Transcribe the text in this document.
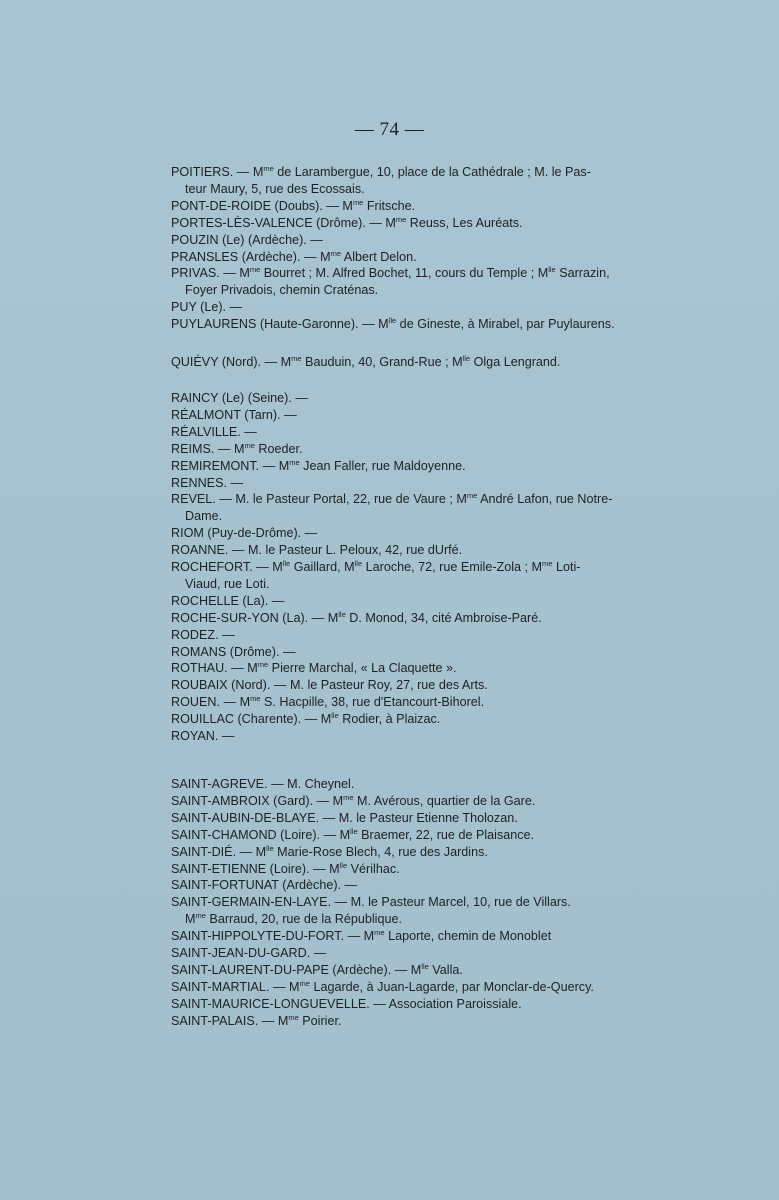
— 74 —

POITIERS. — $M^{me}$ de Larambergue, 10, place de la Cathédrale ; M. le Pas-
teur Maury, 5, rue des Ecossais.

PONT-DE-ROIDE (Doubs). — $M^{me}$ Fritsche.

PORTES-LÈS-VALENCE (Drôme). — $M^{me}$ Reuss, Les Auréats.

POUZIN (Le) (Ardèche). —

PRANSLES (Ardèche). — $M^{me}$ Albert Delon.

PRIVAS. — $M^{me}$ Bourret ; M. Alfred Bochet, 11, cours du Temple ; $M^{lle}$ Sarrazin,
Foyer Privadois, chemin Craténas.

PUY (Le). —

PUYLAURENS (Haute-Garonne). — $M^{lle}$ de Gineste, à Mirabel, par Puylaurens.

QUIÉVY (Nord). — $M^{me}$ Bauduin, 40, Grand-Rue ; $M^{lle}$ Olga Lengrand.

RAINCY (Le) (Seine). —

RÉALMONT (Tarn). —

RÉALVILLE. —

REIMS. — $M^{me}$ Roeder.

REMIREMONT. — $M^{me}$ Jean Faller, rue Maldoyenne.

RENNES. —

REVEL. — M. le Pasteur Portal, 22, rue de Vaure ; $M^{me}$ André Lafon, rue Notre-
Dame.

RIOM (Puy-de-Drôme). —

ROANNE. — M. le Pasteur L. Peloux, 42, rue dUrfé.

ROCHEFORT. — $M^{lle}$ Gaillard, $M^{lle}$ Laroche, 72, rue Emile-Zola ; $M^{me}$ Loti-
Viaud, rue Loti.

ROCHELLE (La). —

ROCHE-SUR-YON (La). — $M^{lle}$ D. Monod, 34, cité Ambroise-Paré.

RODEZ. —

ROMANS (Drôme). —

ROTHAU. — $M^{me}$ Pierre Marchal, « La Claquette ».

ROUBAIX (Nord). — M. le Pasteur Roy, 27, rue des Arts.

ROUEN. — $M^{me}$ S. Hacpille, 38, rue d'Etancourt-Bihorel.

ROUILLAC (Charente). — $M^{lle}$ Rodier, à Plaizac.

ROYAN. —

SAINT-AGREVE. — M. Cheynel.

SAINT-AMBROIX (Gard). — $M^{me}$ M. Avérous, quartier de la Gare.

SAINT-AUBIN-DE-BLAYE. — M. le Pasteur Etienne Tholozan.

SAINT-CHAMOND (Loire). — $M^{lle}$ Braemer, 22, rue de Plaisance.

SAINT-DIÉ. — $M^{lle}$ Marie-Rose Blech, 4, rue des Jardins.

SAINT-ETIENNE (Loire). — $M^{lle}$ Vérilhac.

SAINT-FORTUNAT (Ardèche). —

SAINT-GERMAIN-EN-LAYE. — M. le Pasteur Marcel, 10, rue de Villars.
$M^{me}$ Barraud, 20, rue de la République.

SAINT-HIPPOLYTE-DU-FORT. — $M^{me}$ Laporte, chemin de Monoblet

SAINT-JEAN-DU-GARD. —

SAINT-LAURENT-DU-PAPE (Ardèche). — $M^{lle}$ Valla.

SAINT-MARTIAL. — $M^{me}$ Lagarde, à Juan-Lagarde, par Monclar-de-Quercy.

SAINT-MAURICE-LONGUEVELLE. — Association Paroissiale.

SAINT-PALAIS. — $M^{me}$ Poirier.
